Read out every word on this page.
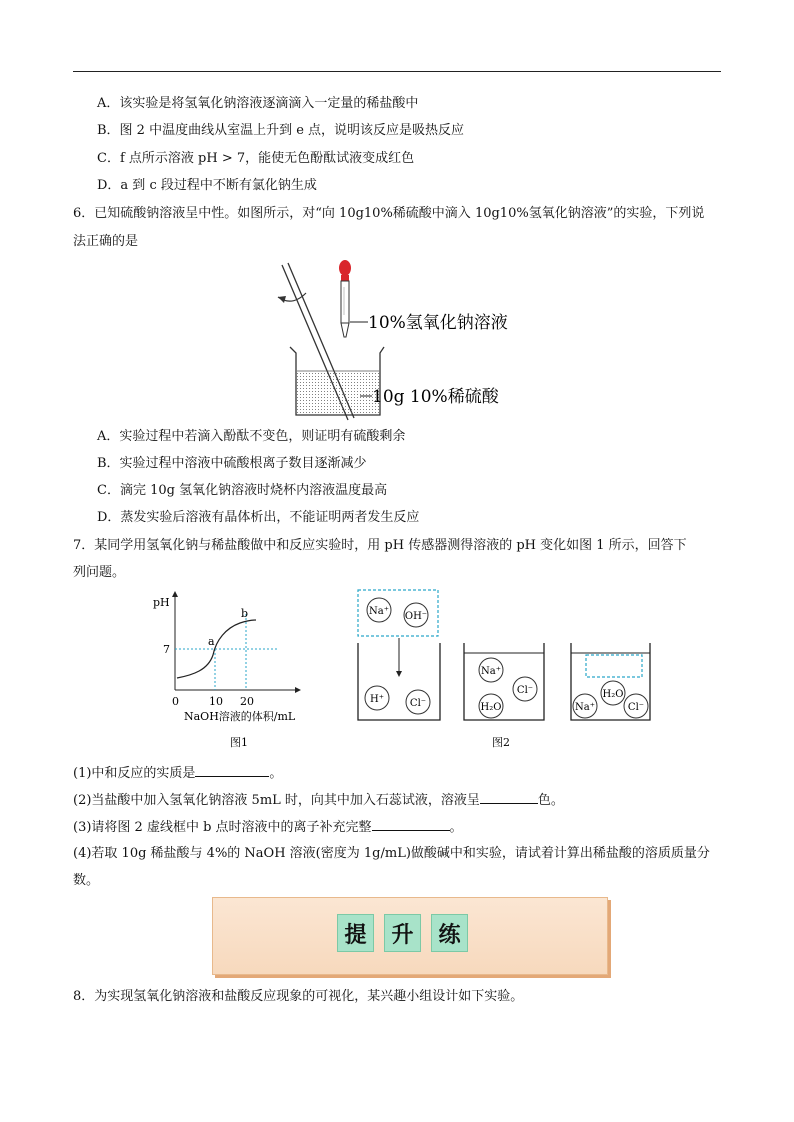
A．该实验是将氢氧化钠溶液逐滴滴入一定量的稀盐酸中
B．图 2 中温度曲线从室温上升到 e 点，说明该反应是吸热反应
C．f 点所示溶液 pH > 7，能使无色酚酞试液变成红色
D．a 到 c 段过程中不断有氯化钠生成
6．已知硫酸钠溶液呈中性。如图所示，对“向 10g10%稀硫酸中滴入 10g10%氢氧化钠溶液”的实验，下列说
法正确的是
10%氢氧化钠溶液
10g 10%稀硫酸
A．实验过程中若滴入酚酞不变色，则证明有硫酸剩余
B．实验过程中溶液中硫酸根离子数目逐渐减少
C．滴完 10g 氢氧化钠溶液时烧杯内溶液温度最高
D．蒸发实验后溶液有晶体析出，不能证明两者发生反应
7．某同学用氢氧化钠与稀盐酸做中和反应实验时，用 pH 传感器测得溶液的 pH 变化如图 1 所示，回答下
列问题。
pH
7
0	10 20
a
b
NaOH溶液的体积/mL
图1
Na⁺ OH⁻
H⁺	Cl⁻
Na⁺
Cl⁻
H₂O
H₂O
Na⁺	Cl⁻
图2
(1)中和反应的实质是	。
(2)当盐酸中加入氢氧化钠溶液 5mL 时，向其中加入石蕊试液，溶液呈	色。
(3)请将图 2 虚线框中 b 点时溶液中的离子补充完整	。
(4)若取 10g 稀盐酸与 4%的 NaOH 溶液(密度为 1g/mL)做酸碱中和实验，请试着计算出稀盐酸的溶质质量分
数。
提	升	练
8．为实现氢氧化钠溶液和盐酸反应现象的可视化，某兴趣小组设计如下实验。
